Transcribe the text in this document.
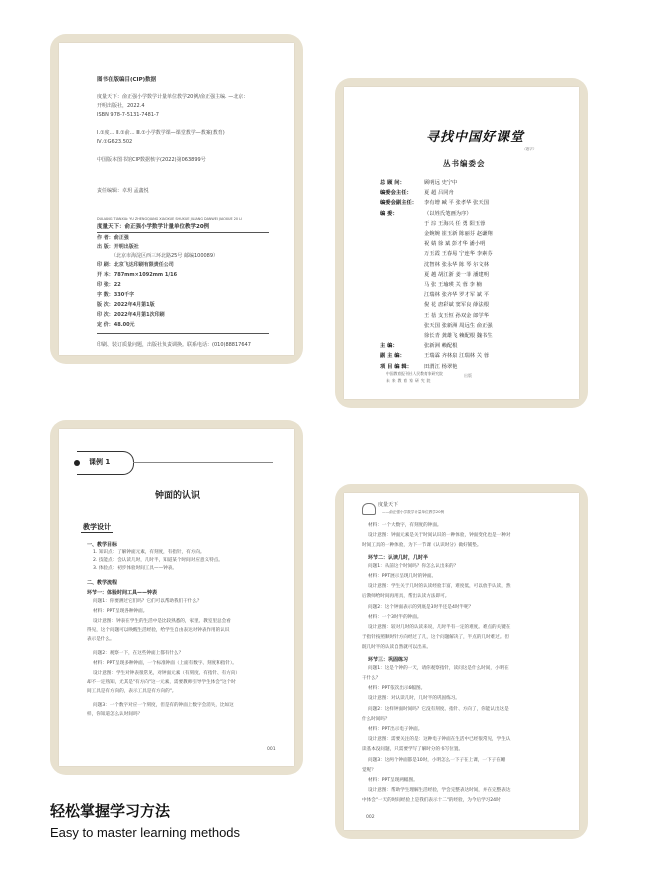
图书在版编目(CIP)数据
度量天下：俞正强小学数学计量单位教学20例/俞正强主编. —北京：
开明出版社，2022.4
ISBN 978-7-5131-7481-7
Ⅰ.①度… Ⅱ.①俞… Ⅲ.①小学数学课—课堂教学—教案(教育)
Ⅳ.①G623.502
中国版本图书馆CIP数据核字(2022)第063899号
责任编辑：卓玥 孟鑫悦
DULIANG TIANXIA: YU ZHENGQIANG XIAOXUE SHUXUE JILIANG DANWEI JIAOXUE 20 LI
度量天下：俞正强小学数学计量单位教学20例
作 者：俞正强
出 版：开明出版社
（北京市海淀区西三环北路25号 邮编100089）
印 刷：北京飞达印刷有限责任公司
开 本：787mm×1092mm 1/16
印 张：22
字 数：330千字
版 次：2022年4月第1版
印 次：2022年4月第1次印刷
定 价：48.00元
印刷、装订质量问题，出版社负责调换。联系电话：(010)88817647
寻找中国好课堂
（题字）
丛书编委会
总 顾 问：	顾明远 史宁中
编委会主任： 夏 超 吕同舟
编委会副主任： 李有增 臧 平 张孝华 张天国
编 委：	（以姓氏笔画为序）
于 淙 王海兴 任 勇 阳玉蓉
金婉婉 崔玉新 陈丽芬 赵谦翔
祝 婧 徐 斌 彭才华 潘小明
万玉霞 王春易 宁连华 李素芬
沈智林 张永华 陈 琴 尔文林
夏 越 胡江浙 姜一菲 潘建明
马 张 王瑜瑛 关 蓉 李 楠
江瑞林 张齐华 罗才军 斌 平
倪 花 唐彩斌 窦军良 薛法根
王 蓓 支玉恒 孙双金 郎学华
张天国 张新洲 周远生 俞正强
徐长青 龚雄飞 赖配根 魏书生
主 编：	张新洲 赖配根
副 主 编：	王瑞霖 齐林泉 江瑞林 关 蓉
项 目 编 辑： 田渭江 杨翠艳
中国教育报刊社人民教育家研究院
未 来 教 育 家 研 究 院
出版
课例 1
钟面的认识
教学设计
一、教学目标
1. 知识点：了解钟面元素，有刻度，有指针，有方向。
2. 技能点：会认读几时，几时半，知道某个时间对应意义特点。
3. 体验点：初步体验时间工具——钟表。
二、教学流程
环节一：体验时间工具——钟表
问题1：你要测过它们吗？它们可以帮助我们干什么？
材料：PPT呈现各种钟面。
设计意图：钟表在学生的生活中是比较熟悉的，家里、教室里总会看
得见，这个问题可以唤醒生活经验，给学生自由表达对钟表作用的认识
表示是什么。
问题2：观察一下，在这些钟面上都有什么？
材料：PPT呈现多种钟面，一个标准钟面（上面有数字、刻度和指针）。
设计意图：学生对钟表很常见，对钟面元素（有刻度、有指针、有方向）
却不一定熟知，尤其是"有方向"这一元素，需要教师引导学生体会"这个时
间工具是有方向的，表示工具是有方向的"。
问题3：一个数字对应一个刻度，但是有的钟面上数字会消失，比如这
样，你知道怎么认时间吗？
001
度量天下
——俞正强小学数学计量单位教学20例
材料：一个大数字，有刻度的钟面。
设计意图：钟面元素是关于时间认识的一种体验，钟面变化也是一种对
时间工具的一种体验，为下一节课《认识时分》做好铺垫。
环节二：认读几时，几时半
问题1：从前这个时间吗？你怎么认出来的？
材料：PPT展示呈现几时的钟面。
设计意图：学生关于几时的认读经验丰富，难度低，可以放手认读，然
后教师给时间再用具，帮出认读方法即可。
问题2：这个钟面表示的到底是3时半还是4时半呢？
材料：一个3时半的钟面。
设计意图：较对几时的认读来说，几时半有一定的难度。难点的关键在
于指针按照顺时针方向经过了几，这个问题解决了，半点的几时难过。但
既几时半的认读自然就可以出来。
环节三：巩固练习
问题1：这是个钟的一天，请你观察指针，读问这是什么时间，小明在
干什么？
材料：PPT依次出示6幅图。
设计意图：对认读几时，几时半的巩固练习。
问题2：这样钟面时间吗？它没有刻度、指针、方向了，你能认出这是
什么时间吗？
材料：PPT出示电子钟面。
设计意图：需要关注的是：这种电子钟面在生活中已经很常见，学生认
读基本没问题，只需要学写了解时分的书写位置。
问题3：这两个钟面都是10时，小明怎么一下子在上课，一下子在睡
觉呢？
材料：PPT呈现两幅图。
设计意图：帮助学生理解生活经验，学会完整表达时间，并在完整表达
中体会"一天的时间经验上是我们表示十二"的经验，为今后学习24时
002
轻松掌握学习方法
Easy to master learning methods
